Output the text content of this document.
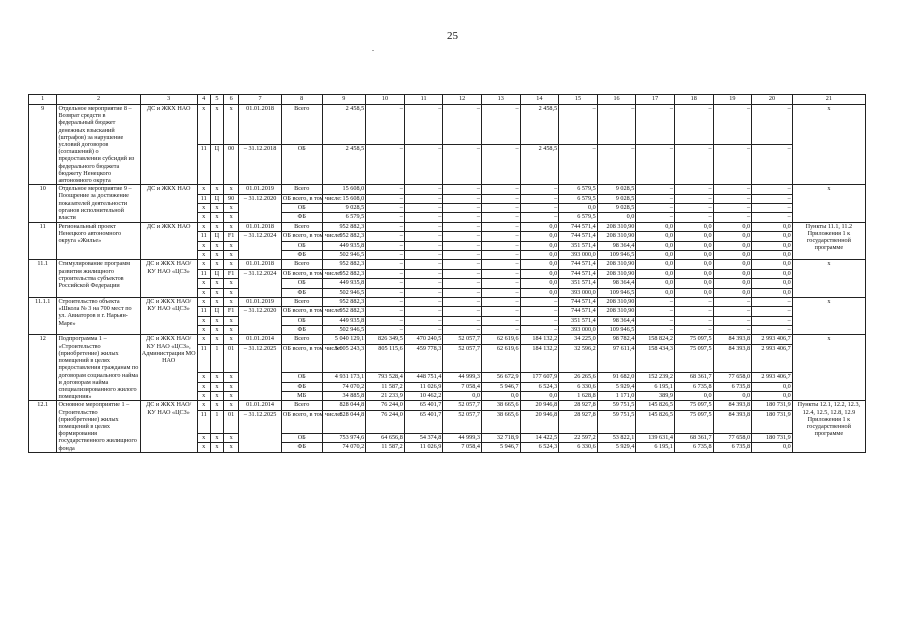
25
.
1	2	3	4	5	6	7	8	9	10	11	12	13	14	15	16	17	18	19	20	21
9	Отдельное мероприятие 8 – Возврат средств в федеральный бюджет денежных взысканий (штрафов) за нарушение условий договоров (соглашений) о предоставлении субсидий из федерального бюджета бюджету Ненецкого автономного округа	ДС и ЖКХ НАО	x	x	x	01.01.2018	Всего	2 458,5	–	–	–	–	2 458,5	–	–	–	–	–	–	x
			11	Ц	00	– 31.12.2018	ОБ	2 458,5	–	–	–	–	2 458,5	–	–	–	–	–	–	
10	Отдельное мероприятие 9 – Поощрение за достижение показателей деятельности органов исполнительной власти	ДС и ЖКХ НАО	x	x	x	01.01.2019	Всего	15 608,0	–	–	–	–	–	6 579,5	9 028,5	–	–	–	–	x
			11	Ц	90	– 31.12.2020	ОБ всего, в том числе:	15 608,0	–	–	–	–	–	6 579,5	9 028,5	–	–	–	–	
			x	x	x		ОБ	9 028,5	–	–	–	–	–	0,0	9 028,5	–	–	–	–	
			x	x	x		ФБ	6 579,5	–	–	–	–	–	6 579,5	0,0	–	–	–	–	
11	Региональный проект Ненецкого автономного округа «Жилье»	ДС и ЖКХ НАО	x	x	x	01.01.2018	Всего	952 882,3	–	–	–	–	0,0	744 571,4	208 310,90	0,0	0,0	0,0	0,0	Пункты 11.1, 11.2 Приложения 1 к государственной программе
			11	Ц	F1	– 31.12.2024	ОБ всего, в том числе:	952 882,3	–	–	–	–	0,0	744 571,4	208 310,90	0,0	0,0	0,0	0,0	
			x	x	x		ОБ	449 935,8	–	–	–	–	0,0	351 571,4	98 364,4	0,0	0,0	0,0	0,0	
			x	x	x		ФБ	502 946,5	–	–	–	–	0,0	393 000,0	109 946,5	0,0	0,0	0,0	0,0	
11.1	Стимулирование программ развития жилищного строительства субъектов Российской Федерации	ДС и ЖКХ НАО/ КУ НАО «ЦСЗ»	x	x	x	01.01.2018	Всего	952 882,3	–	–	–	–	0,0	744 571,4	208 310,90	0,0	0,0	0,0	0,0	x
			11	Ц	F1	– 31.12.2024	ОБ всего, в том числе:	952 882,3	–	–	–	–	0,0	744 571,4	208 310,90	0,0	0,0	0,0	0,0	
			x	x	x		ОБ	449 935,8	–	–	–	–	0,0	351 571,4	98 364,4	0,0	0,0	0,0	0,0	
			x	x	x		ФБ	502 946,5	–	–	–	–	0,0	393 000,0	109 946,5	0,0	0,0	0,0	0,0	
11.1.1	Строительство объекта «Школа № 3 на 700 мест по ул. Авиаторов в г. Нарьян-Маре»	ДС и ЖКХ НАО/ КУ НАО «ЦСЗ»	x	x	x	01.01.2019	Всего	952 882,3	–	–	–	–	–	744 571,4	208 310,90	–	–	–	–	x
			11	Ц	F1	– 31.12.2020	ОБ всего, в том числе:	952 882,3	–	–	–	–	–	744 571,4	208 310,90	–	–	–	–	
			x	x	x		ОБ	449 935,8	–	–	–	–	–	351 571,4	98 364,4	–	–	–	–	
			x	x	x		ФБ	502 946,5	–	–	–	–	–	393 000,0	109 946,5	–	–	–	–	
12	Подпрограмма 1 – «Строительство (приобретение) жилых помещений в целях предоставления гражданам по договорам социального найма и договорам найма специализированного жилого помещения»	ДС и ЖКХ НАО/ КУ НАО «ЦСЗ», Администрация МО НАО	x	x	x	01.01.2014	Всего	5 040 129,1	826 349,5	470 240,5	52 057,7	62 619,6	184 132,2	34 225,0	98 782,4	158 824,2	75 097,5	84 393,8	2 993 406,7	x
			11	1	01	– 31.12.2025	ОБ всего, в том числе:	5 005 243,3	805 115,6	459 778,3	52 057,7	62 619,6	184 132,2	32 596,2	97 611,4	158 434,3	75 097,5	84 393,8	2 993 406,7	
			x	x	x		ОБ	4 931 173,1	793 528,4	448 751,4	44 999,3	56 672,9	177 607,9	26 265,6	91 682,0	152 239,2	68 361,7	77 658,0	2 993 406,7	
			x	x	x		ФБ	74 070,2	11 587,2	11 026,9	7 058,4	5 946,7	6 524,3	6 330,6	5 929,4	6 195,1	6 735,8	6 735,8	0,0	
			x	x	x		МБ	34 885,8	21 233,9	10 462,2	0,0	0,0	0,0	1 628,8	1 171,0	389,9	0,0	0,0	0,0	
12.1	Основное мероприятие 1 – Строительство (приобретение) жилых помещений в целях формирования государственного жилищного фонда	ДС и ЖКХ НАО/ КУ НАО «ЦСЗ»	x	x	x	01.01.2014	Всего	828 044,8	76 244,0	65 401,7	52 057,7	38 665,6	20 946,8	28 927,8	59 751,5	145 826,5	75 097,5	84 393,8	180 731,9	Пункты 12.1, 12.2, 12.3, 12.4, 12.5, 12.8, 12.9 Приложения 1 к государственной программе
			11	1	01	– 31.12.2025	ОБ всего, в том числе:	828 044,8	76 244,0	65 401,7	52 057,7	38 665,6	20 946,8	28 927,8	59 751,5	145 826,5	75 097,5	84 393,8	180 731,9	
			x	x	x		ОБ	753 974,6	64 656,8	54 374,8	44 999,3	32 718,9	14 422,5	22 597,2	53 822,1	139 631,4	68 361,7	77 658,0	180 731,9	
			x	x	x		ФБ	74 070,2	11 587,2	11 026,9	7 058,4	5 946,7	6 524,3	6 330,6	5 929,4	6 195,1	6 735,8	6 735,8	0,0	
